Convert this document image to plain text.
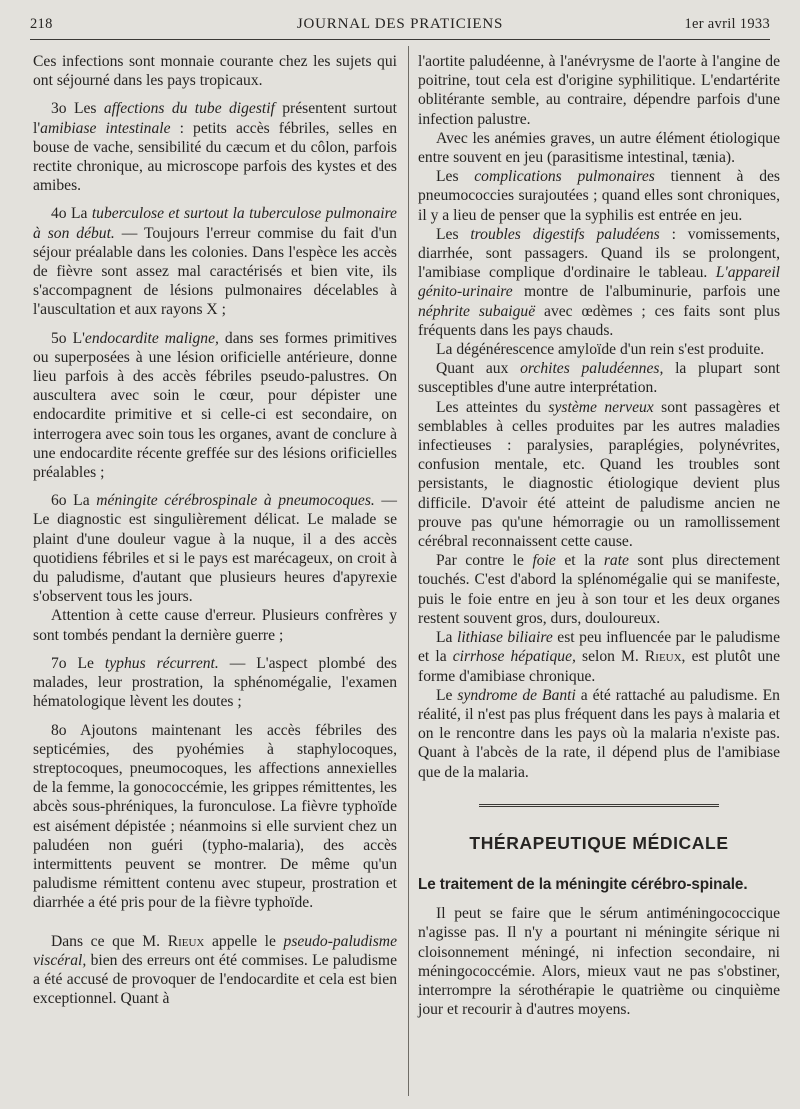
218	JOURNAL DES PRATICIENS	1er avril 1933

Ces infections sont monnaie courante chez les sujets qui ont séjourné dans les pays tropicaux.

3o Les affections du tube digestif présentent surtout l'amibiase intestinale : petits accès fébriles, selles en bouse de vache, sensibilité du cæcum et du côlon, parfois rectite chronique, au microscope parfois des kystes et des amibes.

4o La tuberculose et surtout la tuberculose pulmonaire à son début. — Toujours l'erreur commise du fait d'un séjour préalable dans les colonies. Dans l'espèce les accès de fièvre sont assez mal caractérisés et bien vite, ils s'accompagnent de lésions pulmonaires décelables à l'auscultation et aux rayons X ;

5o L'endocardite maligne, dans ses formes primitives ou superposées à une lésion orificielle antérieure, donne lieu parfois à des accès fébriles pseudo-palustres. On auscultera avec soin le cœur, pour dépister une endocardite primitive et si celle-ci est secondaire, on interrogera avec soin tous les organes, avant de conclure à une endocardite récente greffée sur des lésions orificielles préalables ;

6o La méningite cérébrospinale à pneumocoques. — Le diagnostic est singulièrement délicat. Le malade se plaint d'une douleur vague à la nuque, il a des accès quotidiens fébriles et si le pays est marécageux, on croit à du paludisme, d'autant que plusieurs heures d'apyrexie s'observent tous les jours.

Attention à cette cause d'erreur. Plusieurs confrères y sont tombés pendant la dernière guerre ;

7o Le typhus récurrent. — L'aspect plombé des malades, leur prostration, la sphénomégalie, l'examen hématologique lèvent les doutes ;

8o Ajoutons maintenant les accès fébriles des septicémies, des pyohémies à staphylocoques, streptocoques, pneumocoques, les affections annexielles de la femme, la gonococcémie, les grippes rémittentes, les abcès sous-phréniques, la furonculose. La fièvre typhoïde est aisément dépistée ; néanmoins si elle survient chez un paludéen non guéri (typho-malaria), des accès intermittents peuvent se montrer. De même qu'un paludisme rémittent contenu avec stupeur, prostration et diarrhée a été pris pour de la fièvre typhoïde.

Dans ce que M. Rieux appelle le pseudo-paludisme viscéral, bien des erreurs ont été commises. Le paludisme a été accusé de provoquer de l'endocardite et cela est bien exceptionnel. Quant à

l'aortite paludéenne, à l'anévrysme de l'aorte à l'angine de poitrine, tout cela est d'origine syphilitique. L'endartérite oblitérante semble, au contraire, dépendre parfois d'une infection palustre.

Avec les anémies graves, un autre élément étiologique entre souvent en jeu (parasitisme intestinal, tænia).

Les complications pulmonaires tiennent à des pneumococcies surajoutées ; quand elles sont chroniques, il y a lieu de penser que la syphilis est entrée en jeu.

Les troubles digestifs paludéens : vomissements, diarrhée, sont passagers. Quand ils se prolongent, l'amibiase complique d'ordinaire le tableau. L'appareil génito-urinaire montre de l'albuminurie, parfois une néphrite subaiguë avec œdèmes ; ces faits sont plus fréquents dans les pays chauds.

La dégénérescence amyloïde d'un rein s'est produite.

Quant aux orchites paludéennes, la plupart sont susceptibles d'une autre interprétation.

Les atteintes du système nerveux sont passagères et semblables à celles produites par les autres maladies infectieuses : paralysies, paraplégies, polynévrites, confusion mentale, etc. Quand les troubles sont persistants, le diagnostic étiologique devient plus difficile. D'avoir été atteint de paludisme ancien ne prouve pas qu'une hémorragie ou un ramollissement cérébral reconnaissent cette cause.

Par contre le foie et la rate sont plus directement touchés. C'est d'abord la splénomégalie qui se manifeste, puis le foie entre en jeu à son tour et les deux organes restent souvent gros, durs, douloureux.

La lithiase biliaire est peu influencée par le paludisme et la cirrhose hépatique, selon M. Rieux, est plutôt une forme d'amibiase chronique.

Le syndrome de Banti a été rattaché au paludisme. En réalité, il n'est pas plus fréquent dans les pays à malaria et on le rencontre dans les pays où la malaria n'existe pas. Quant à l'abcès de la rate, il dépend plus de l'amibiase que de la malaria.

THÉRAPEUTIQUE MÉDICALE
Le traitement de la méningite cérébro-spinale.

Il peut se faire que le sérum antiméningococcique n'agisse pas. Il n'y a pourtant ni méningite sérique ni cloisonnement méningé, ni infection secondaire, ni méningococcémie. Alors, mieux vaut ne pas s'obstiner, interrompre la sérothérapie le quatrième ou cinquième jour et recourir à d'autres moyens.
